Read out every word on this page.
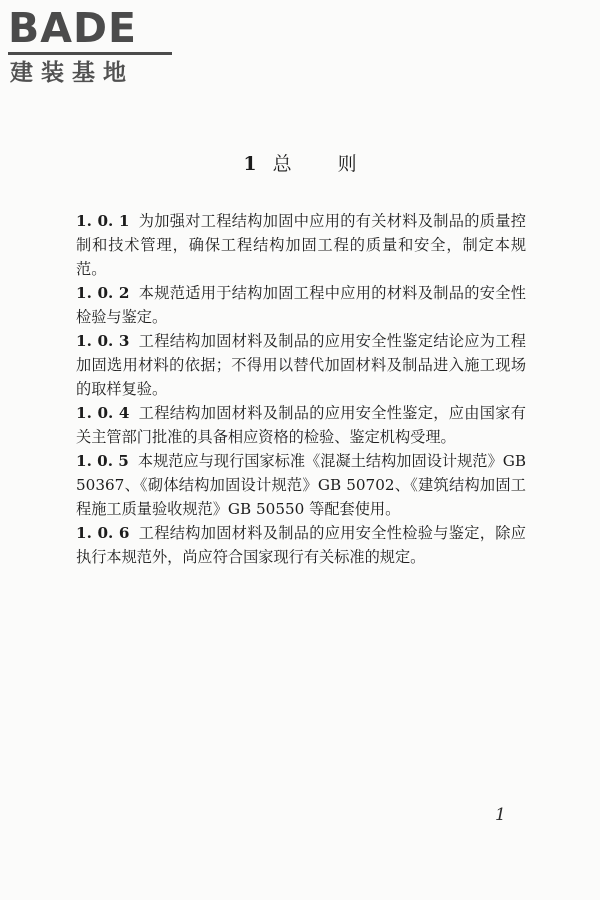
BADE
建装基地
1 总则

1. 0. 1 为加强对工程结构加固中应用的有关材料及制品的质量控制和技术管理，确保工程结构加固工程的质量和安全，制定本规范。

1. 0. 2 本规范适用于结构加固工程中应用的材料及制品的安全性检验与鉴定。

1. 0. 3 工程结构加固材料及制品的应用安全性鉴定结论应为工程加固选用材料的依据；不得用以替代加固材料及制品进入施工现场的取样复验。

1. 0. 4 工程结构加固材料及制品的应用安全性鉴定，应由国家有关主管部门批准的具备相应资格的检验、鉴定机构受理。

1. 0. 5 本规范应与现行国家标准《混凝土结构加固设计规范》GB 50367、《砌体结构加固设计规范》GB 50702、《建筑结构加固工程施工质量验收规范》GB 50550 等配套使用。

1. 0. 6 工程结构加固材料及制品的应用安全性检验与鉴定，除应执行本规范外，尚应符合国家现行有关标准的规定。

1
